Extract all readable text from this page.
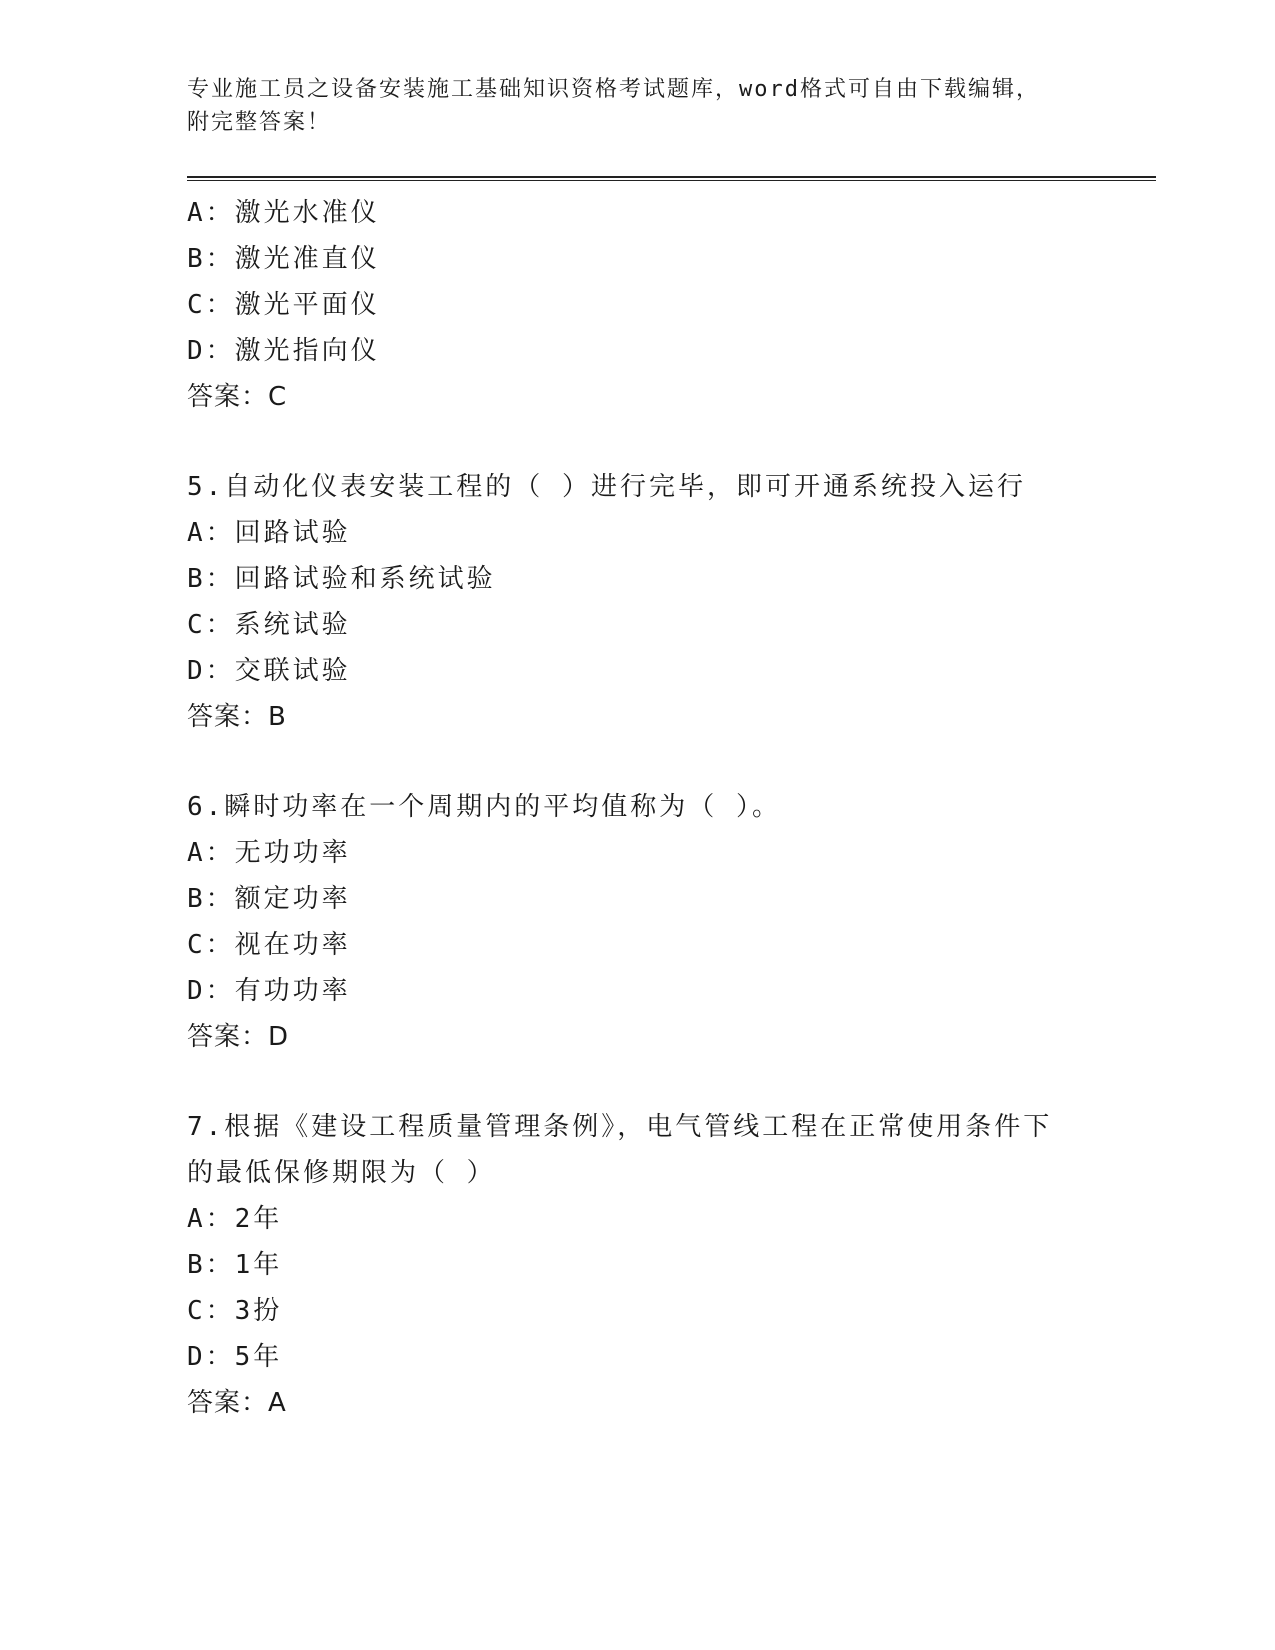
专业施工员之设备安装施工基础知识资格考试题库，word格式可自由下载编辑，
附完整答案！
A：激光水准仪
B：激光准直仪
C：激光平面仪
D：激光指向仪
答案：C
5.自动化仪表安装工程的（ ）进行完毕，即可开通系统投入运行
A：回路试验
B：回路试验和系统试验
C：系统试验
D：交联试验
答案：B
6.瞬时功率在一个周期内的平均值称为（ ）。
A：无功功率
B：额定功率
C：视在功率
D：有功功率
答案：D
7.根据《建设工程质量管理条例》，电气管线工程在正常使用条件下
的最低保修期限为（ ）
A：2年
B：1年
C：3扮
D：5年
答案：A
